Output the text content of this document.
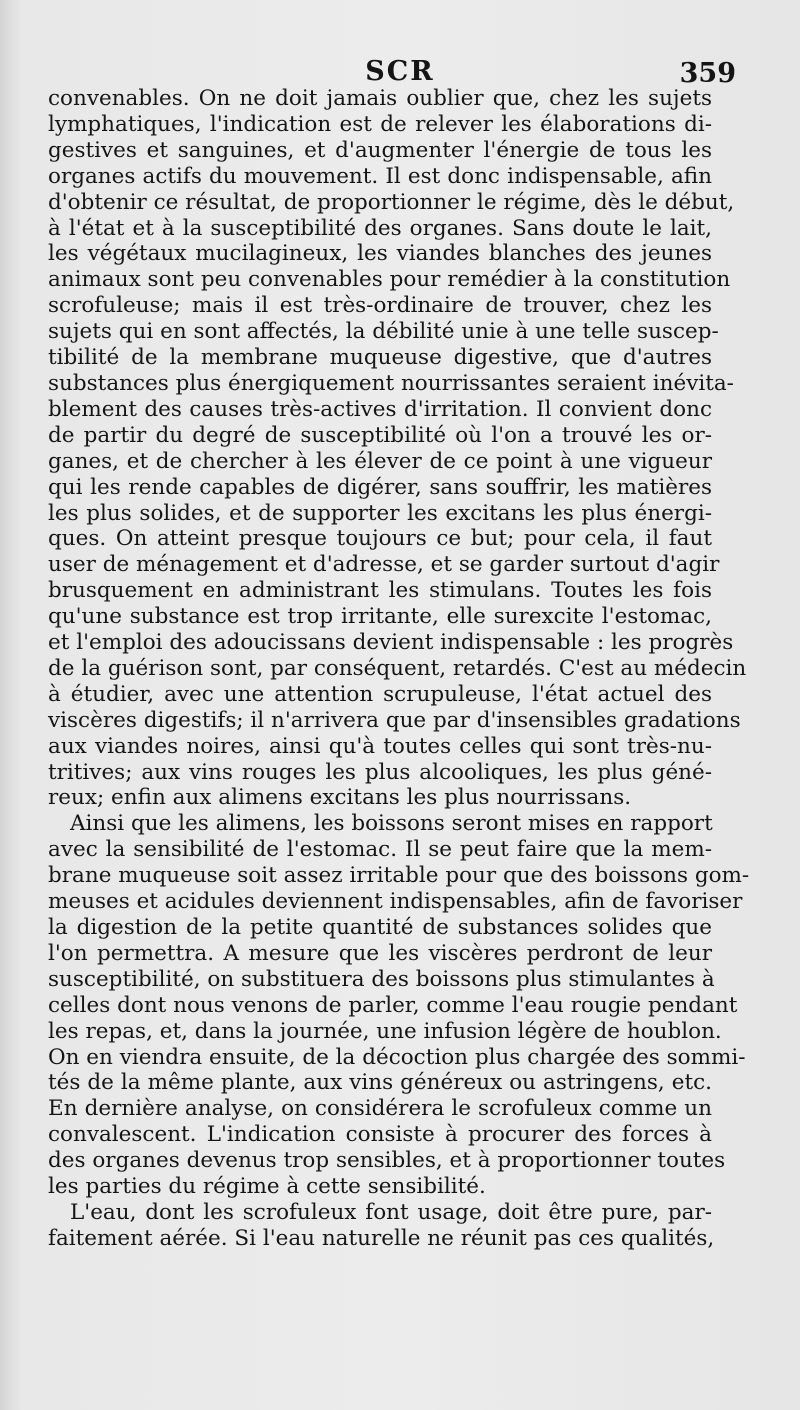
SCR	359
convenables. On ne doit jamais oublier que, chez les sujets
lymphatiques, l'indication est de relever les élaborations di-
gestives et sanguines, et d'augmenter l'énergie de tous les
organes actifs du mouvement. Il est donc indispensable, afin
d'obtenir ce résultat, de proportionner le régime, dès le début,
à l'état et à la susceptibilité des organes. Sans doute le lait,
les végétaux mucilagineux, les viandes blanches des jeunes
animaux sont peu convenables pour remédier à la constitution
scrofuleuse; mais il est très-ordinaire de trouver, chez les
sujets qui en sont affectés, la débilité unie à une telle suscep-
tibilité de la membrane muqueuse digestive, que d'autres
substances plus énergiquement nourrissantes seraient inévita-
blement des causes très-actives d'irritation. Il convient donc
de partir du degré de susceptibilité où l'on a trouvé les or-
ganes, et de chercher à les élever de ce point à une vigueur
qui les rende capables de digérer, sans souffrir, les matières
les plus solides, et de supporter les excitans les plus énergi-
ques. On atteint presque toujours ce but; pour cela, il faut
user de ménagement et d'adresse, et se garder surtout d'agir
brusquement en administrant les stimulans. Toutes les fois
qu'une substance est trop irritante, elle surexcite l'estomac,
et l'emploi des adoucissans devient indispensable : les progrès
de la guérison sont, par conséquent, retardés. C'est au médecin
à étudier, avec une attention scrupuleuse, l'état actuel des
viscères digestifs; il n'arrivera que par d'insensibles gradations
aux viandes noires, ainsi qu'à toutes celles qui sont très-nu-
tritives; aux vins rouges les plus alcooliques, les plus géné-
reux; enfin aux alimens excitans les plus nourrissans.
Ainsi que les alimens, les boissons seront mises en rapport
avec la sensibilité de l'estomac. Il se peut faire que la mem-
brane muqueuse soit assez irritable pour que des boissons gom-
meuses et acidules deviennent indispensables, afin de favoriser
la digestion de la petite quantité de substances solides que
l'on permettra. A mesure que les viscères perdront de leur
susceptibilité, on substituera des boissons plus stimulantes à
celles dont nous venons de parler, comme l'eau rougie pendant
les repas, et, dans la journée, une infusion légère de houblon.
On en viendra ensuite, de la décoction plus chargée des sommi-
tés de la même plante, aux vins généreux ou astringens, etc.
En dernière analyse, on considérera le scrofuleux comme un
convalescent. L'indication consiste à procurer des forces à
des organes devenus trop sensibles, et à proportionner toutes
les parties du régime à cette sensibilité.
L'eau, dont les scrofuleux font usage, doit être pure, par-
faitement aérée. Si l'eau naturelle ne réunit pas ces qualités,
